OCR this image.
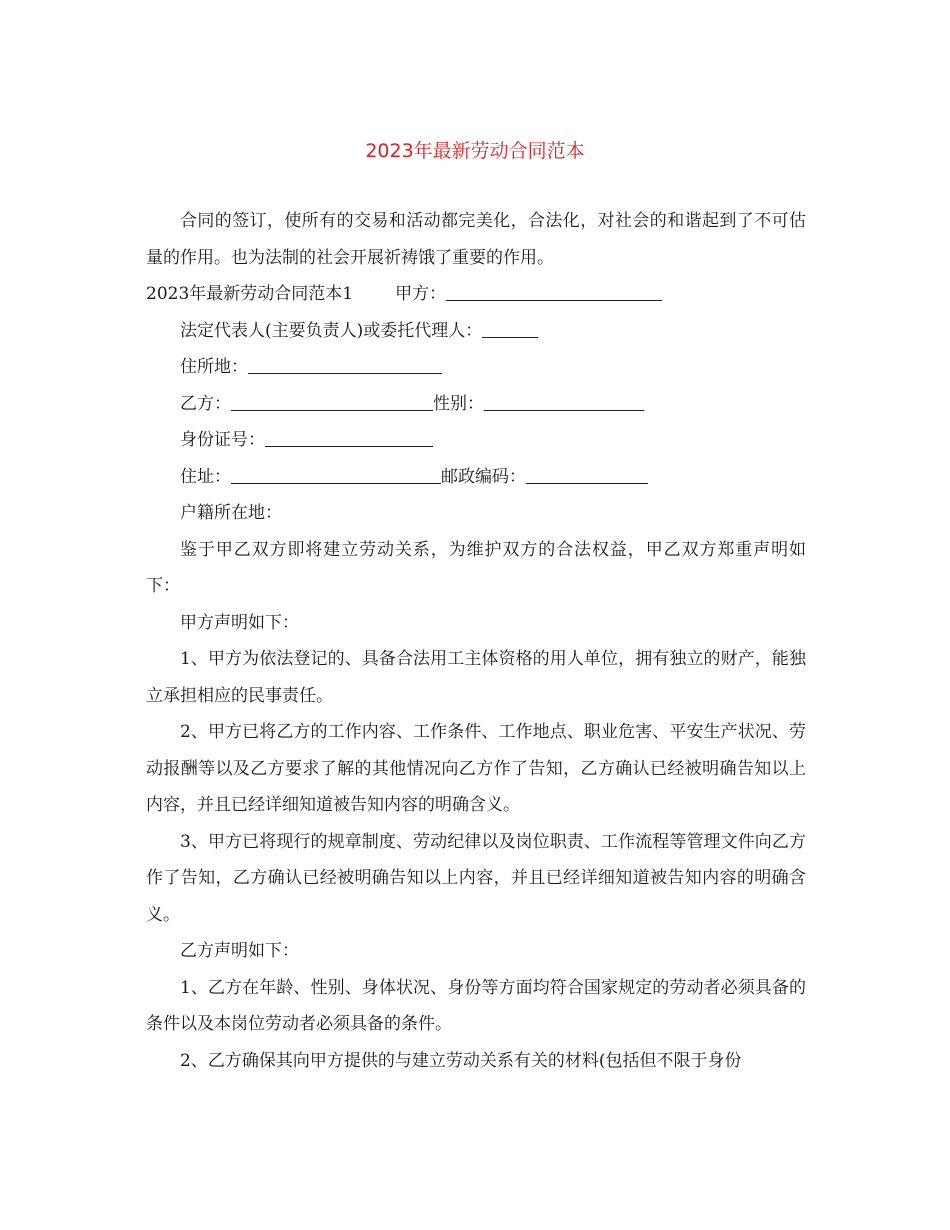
2023年最新劳动合同范本

合同的签订，使所有的交易和活动都完美化，合法化，对社会的和谐起到了不可估量的作用。也为法制的社会开展祈祷饿了重要的作用。

2023年最新劳动合同范本1 甲方：

法定代表人(主要负责人)或委托代理人：

住所地：

乙方：	性别：

身份证号：

住址：	邮政编码：

户籍所在地：

鉴于甲乙双方即将建立劳动关系，为维护双方的合法权益，甲乙双方郑重声明如下：

甲方声明如下：

1、甲方为依法登记的、具备合法用工主体资格的用人单位，拥有独立的财产，能独立承担相应的民事责任。

2、甲方已将乙方的工作内容、工作条件、工作地点、职业危害、平安生产状况、劳动报酬等以及乙方要求了解的其他情况向乙方作了告知，乙方确认已经被明确告知以上内容，并且已经详细知道被告知内容的明确含义。

3、甲方已将现行的规章制度、劳动纪律以及岗位职责、工作流程等管理文件向乙方作了告知，乙方确认已经被明确告知以上内容，并且已经详细知道被告知内容的明确含义。

乙方声明如下：

1、乙方在年龄、性别、身体状况、身份等方面均符合国家规定的劳动者必须具备的条件以及本岗位劳动者必须具备的条件。

2、乙方确保其向甲方提供的与建立劳动关系有关的材料(包括但不限于身份
